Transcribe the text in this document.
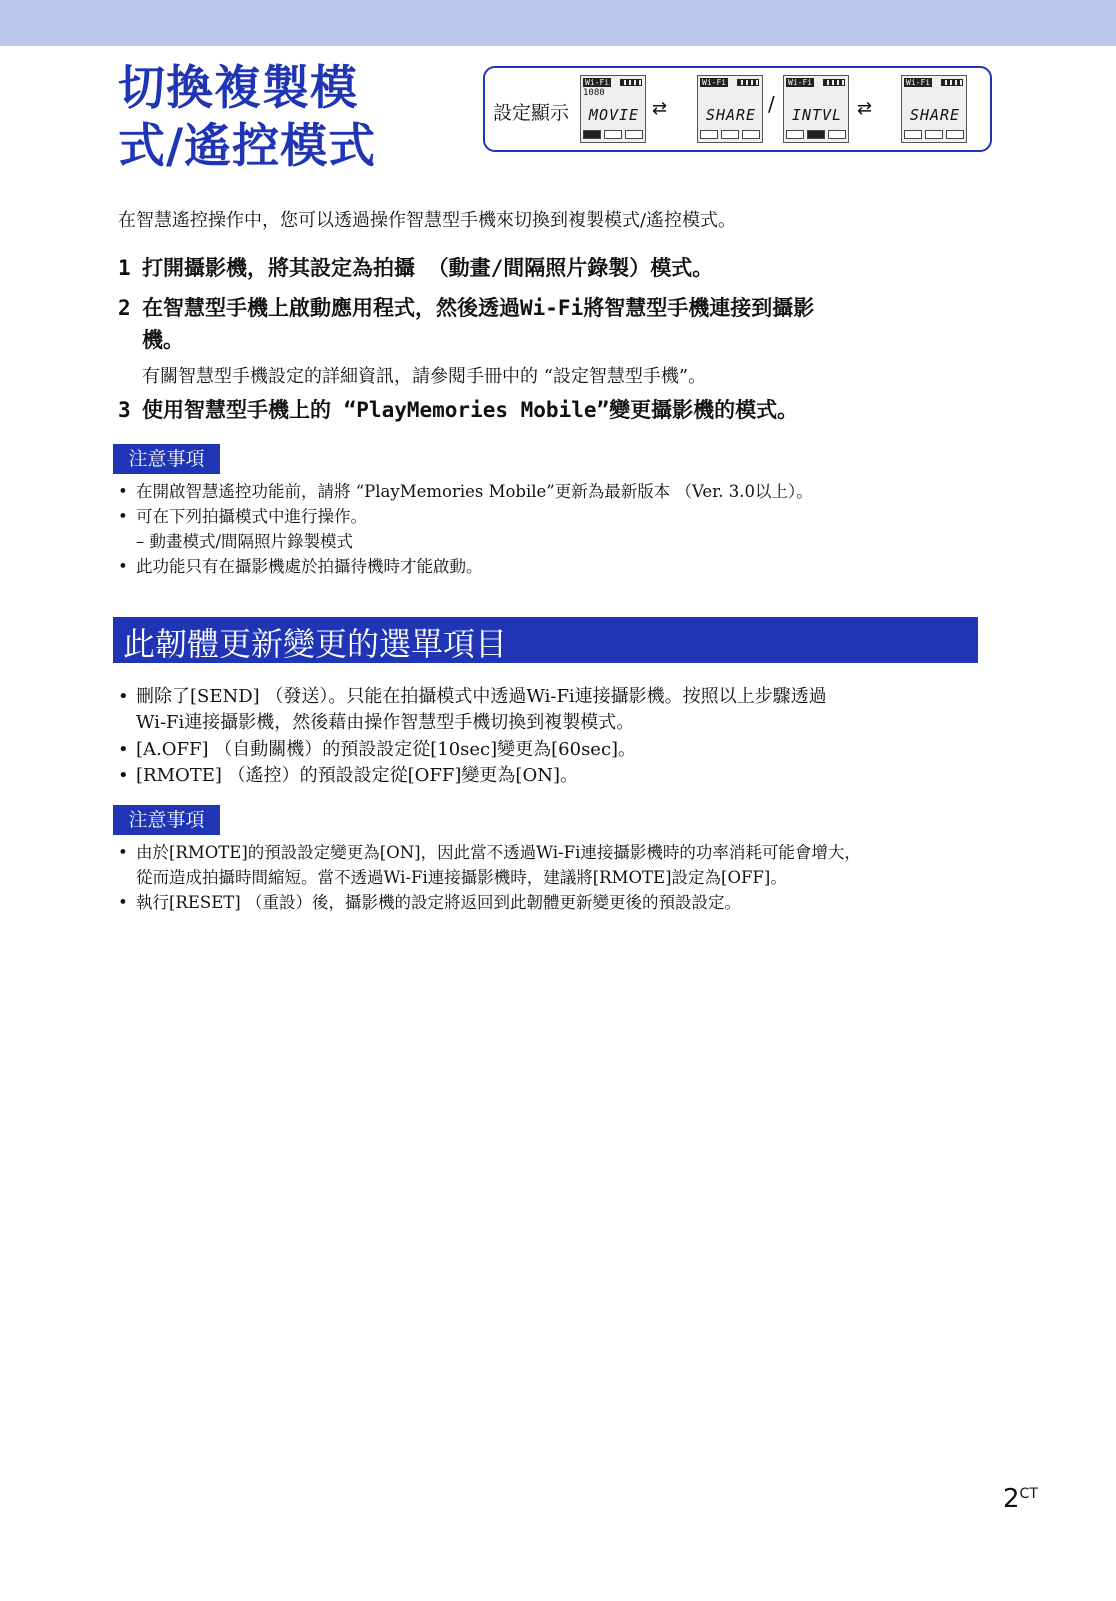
切換複製模
式/遙控模式
設定顯示
Wi-Fi
1080
MOVIE ⇄
Wi-Fi
SHARE /
Wi-Fi
INTVL ⇄
Wi-Fi
SHARE
在智慧遙控操作中，您可以透過操作智慧型手機來切換到複製模式/遙控模式。
1 打開攝影機，將其設定為拍攝 （動畫/間隔照片錄製）模式。
2 在智慧型手機上啟動應用程式，然後透過Wi-Fi將智慧型手機連接到攝影
機。
有關智慧型手機設定的詳細資訊，請參閱手冊中的 “設定智慧型手機”。
3 使用智慧型手機上的 “PlayMemories Mobile”變更攝影機的模式。
注意事項
• 在開啟智慧遙控功能前，請將 “PlayMemories Mobile”更新為最新版本 （Ver. 3.0以上）。
• 可在下列拍攝模式中進行操作。
– 動畫模式/間隔照片錄製模式
• 此功能只有在攝影機處於拍攝待機時才能啟動。
此韌體更新變更的選單項目
• 刪除了[SEND] （發送）。只能在拍攝模式中透過Wi-Fi連接攝影機。按照以上步驟透過
Wi-Fi連接攝影機，然後藉由操作智慧型手機切換到複製模式。
• [A.OFF] （自動關機）的預設設定從[10sec]變更為[60sec]。
• [RMOTE] （遙控）的預設設定從[OFF]變更為[ON]。
注意事項
• 由於[RMOTE]的預設設定變更為[ON]，因此當不透過Wi-Fi連接攝影機時的功率消耗可能會增大，
從而造成拍攝時間縮短。當不透過Wi-Fi連接攝影機時，建議將[RMOTE]設定為[OFF]。
• 執行[RESET] （重設）後，攝影機的設定將返回到此韌體更新變更後的預設設定。
$2^{CT}$
